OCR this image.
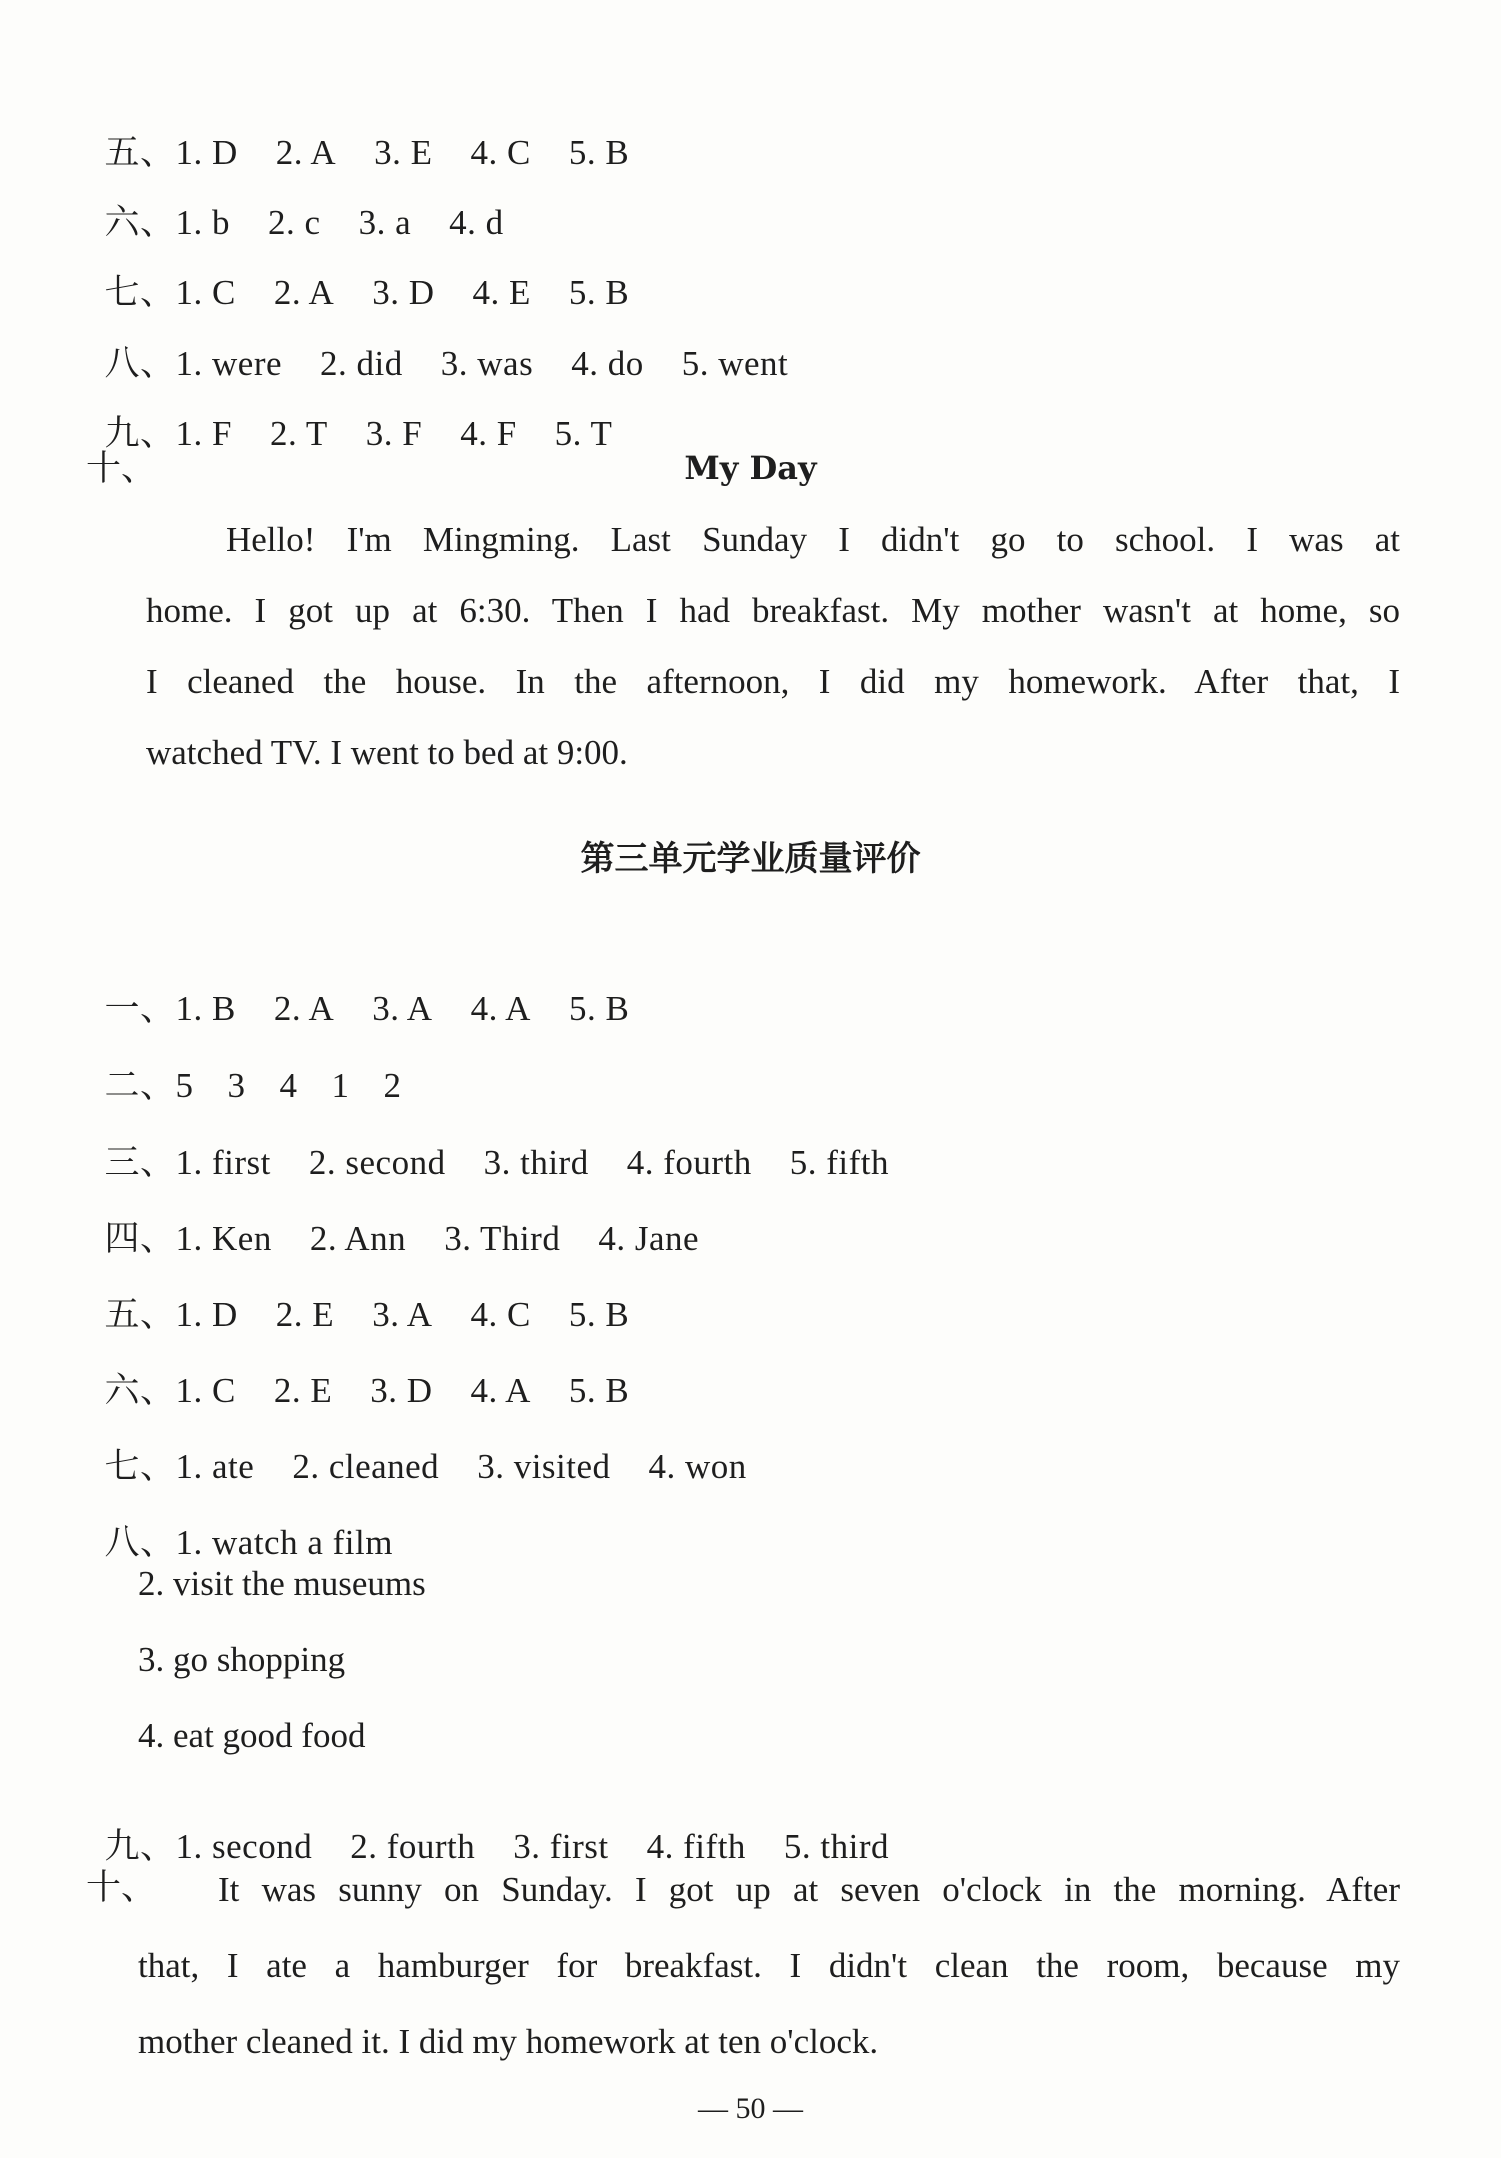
五、1. D 2. A 3. E 4. C 5. B

六、1. b 2. c 3. a 4. d

七、1. C 2. A 3. D 4. E 5. B

八、1. were 2. did 3. was 4. do 5. went

九、1. F 2. T 3. F 4. F 5. T

十、	My Day
Hello! I'm Mingming. Last Sunday I didn't go to school. I was at
home. I got up at 6:30. Then I had breakfast. My mother wasn't at home, so
I cleaned the house. In the afternoon, I did my homework. After that, I
watched TV. I went to bed at 9:00.
第三单元学业质量评价

一、1. B 2. A 3. A 4. A 5. B

二、5 3 4 1 2

三、1. first 2. second 3. third 4. fourth 5. fifth

四、1. Ken 2. Ann 3. Third 4. Jane

五、1. D 2. E 3. A 4. C 5. B

六、1. C 2. E 3. D 4. A 5. B

七、1. ate 2. cleaned 3. visited 4. won

八、1. watch a film

2. visit the museums
3. go shopping
4. eat good food

九、1. second 2. fourth 3. first 4. fifth 5. third

十、	It was sunny on Sunday. I got up at seven o'clock in the morning. After
that, I ate a hamburger for breakfast. I didn't clean the room, because my
mother cleaned it. I did my homework at ten o'clock.
— 50 —
